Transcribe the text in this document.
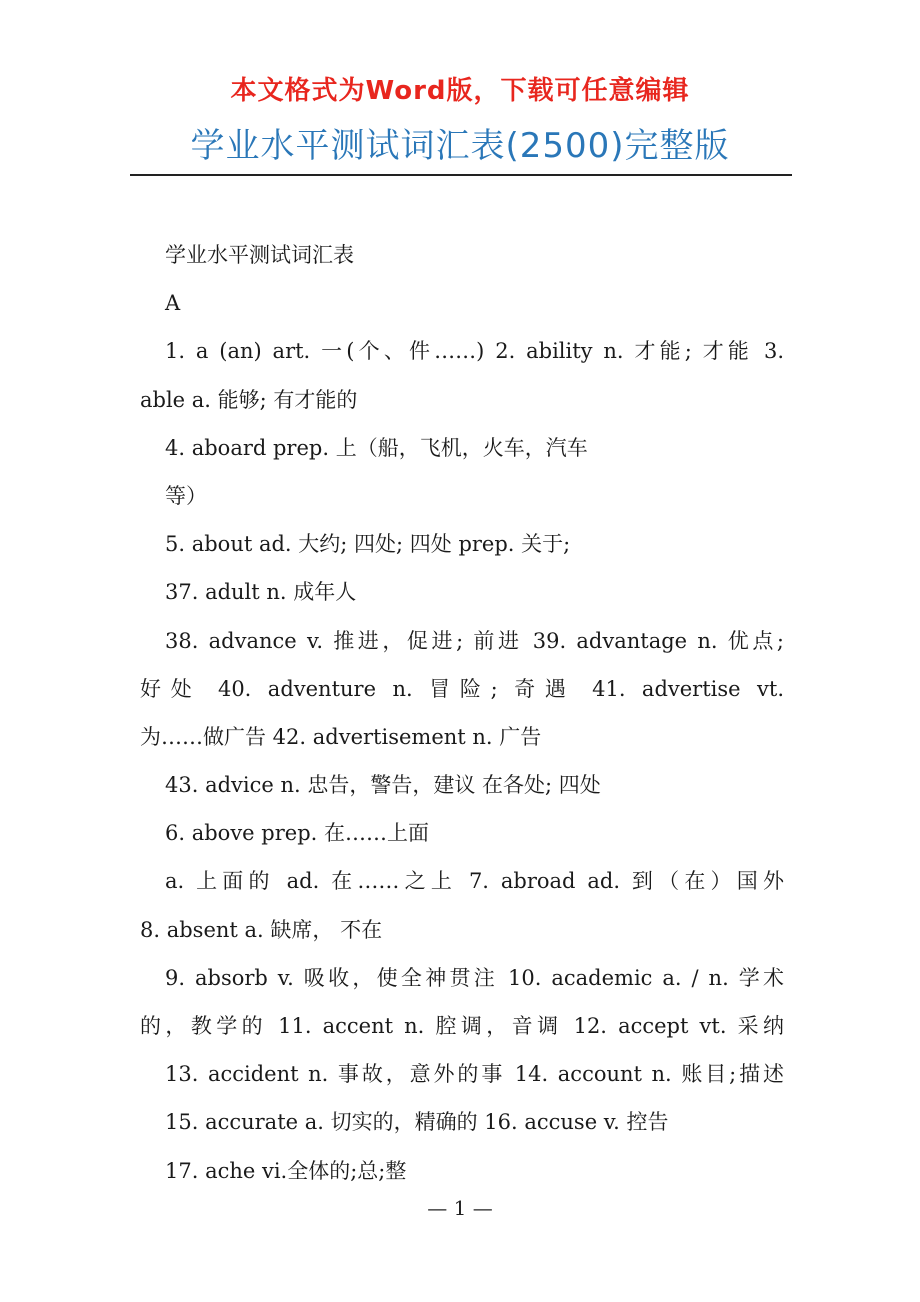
本文格式为Word版，下载可任意编辑
学业水平测试词汇表(2500)完整版
学业水平测试词汇表
A
1. a (an) art. 一(个、件……) 2. ability n. 才能; 才能 3.
able a. 能够; 有才能的
4. aboard prep. 上（船，飞机，火车，汽车
等）
5. about ad. 大约; 四处; 四处 prep. 关于;
37. adult n. 成年人
38. advance v. 推进，促进; 前进 39. advantage n. 优点;
好处 40. adventure n. 冒险; 奇遇 41. advertise vt.
为……做广告 42. advertisement n. 广告
43. advice n. 忠告，警告，建议 在各处; 四处
6. above prep. 在……上面
a. 上面的 ad. 在……之上 7. abroad ad. 到（在）国外
8. absent a. 缺席， 不在
9. absorb v. 吸收，使全神贯注 10. academic a. / n. 学术
的，教学的 11. accent n. 腔调，音调 12. accept vt. 采纳
13. accident n. 事故，意外的事 14. account n. 账目;描述
15. accurate a. 切实的，精确的 16. accuse v. 控告
17. ache vi.全体的;总;整
— 1 —
